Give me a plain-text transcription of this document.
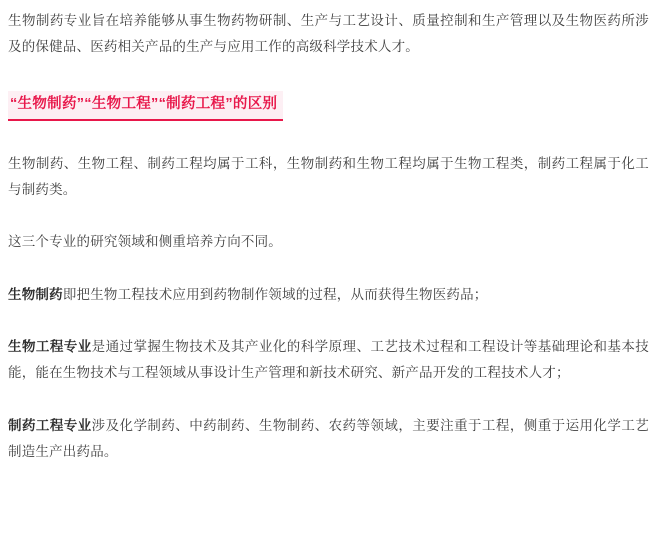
生物制药专业旨在培养能够从事生物药物研制、生产与工艺设计、质量控制和生产管理以及生物医药所涉及的保健品、医药相关产品的生产与应用工作的高级科学技术人才。

“生物制药”“生物工程”“制药工程”的区别

生物制药、生物工程、制药工程均属于工科，生物制药和生物工程均属于生物工程类，制药工程属于化工与制药类。

这三个专业的研究领域和侧重培养方向不同。

生物制药即把生物工程技术应用到药物制作领域的过程，从而获得生物医药品；

生物工程专业是通过掌握生物技术及其产业化的科学原理、工艺技术过程和工程设计等基础理论和基本技能，能在生物技术与工程领域从事设计生产管理和新技术研究、新产品开发的工程技术人才；

制药工程专业涉及化学制药、中药制药、生物制药、农药等领域，主要注重于工程，侧重于运用化学工艺制造生产出药品。
